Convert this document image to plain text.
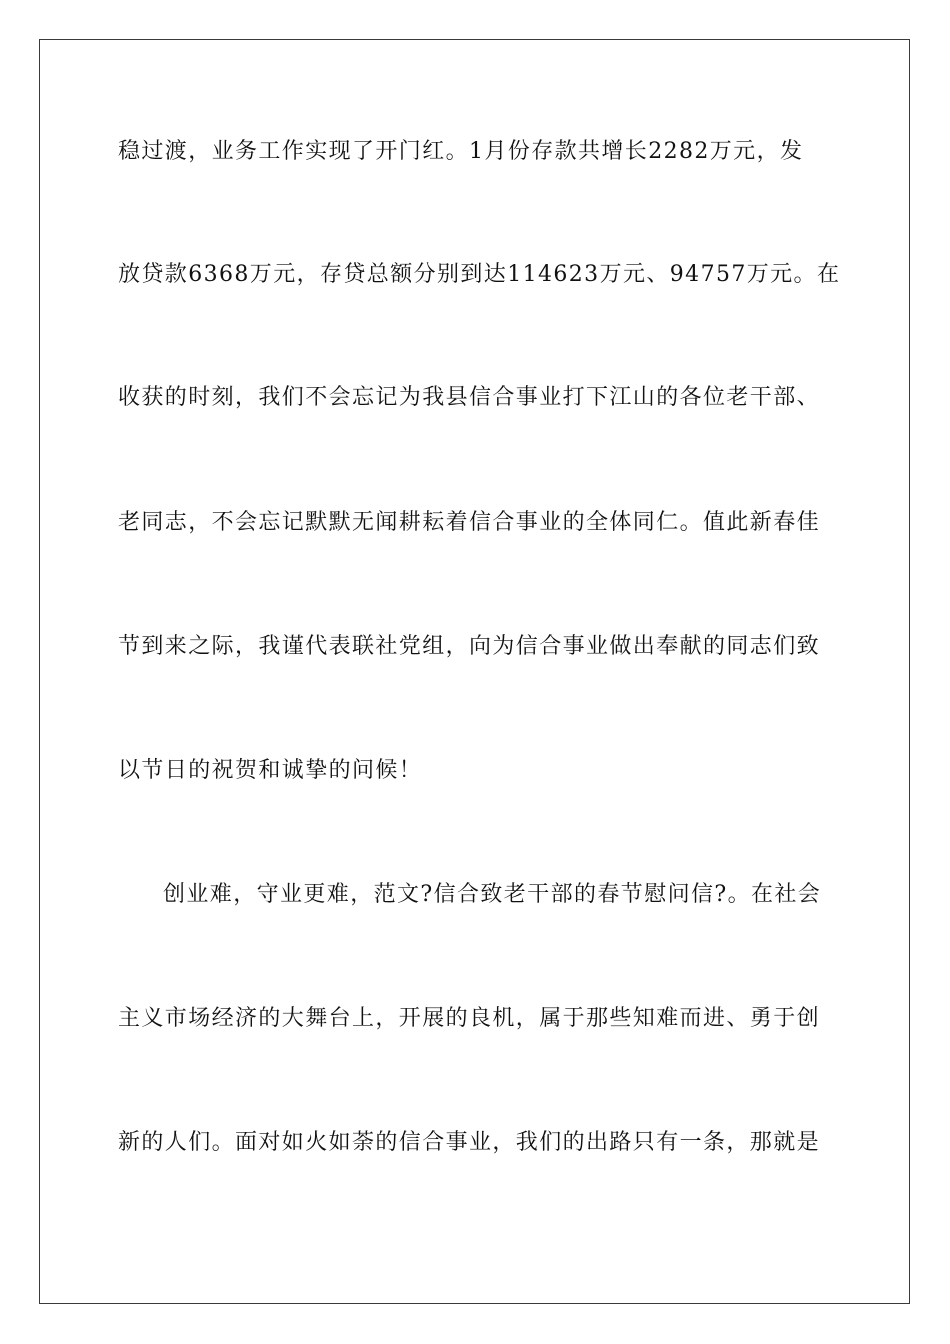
稳过渡，业务工作实现了开门红。1月份存款共增长2282万元，发
放贷款6368万元，存贷总额分别到达114623万元、94757万元。在
收获的时刻，我们不会忘记为我县信合事业打下江山的各位老干部、
老同志，不会忘记默默无闻耕耘着信合事业的全体同仁。值此新春佳
节到来之际，我谨代表联社党组，向为信合事业做出奉献的同志们致
以节日的祝贺和诚挚的问候！
创业难，守业更难，范文?信合致老干部的春节慰问信?。在社会
主义市场经济的大舞台上，开展的良机，属于那些知难而进、勇于创
新的人们。面对如火如荼的信合事业，我们的出路只有一条，那就是
